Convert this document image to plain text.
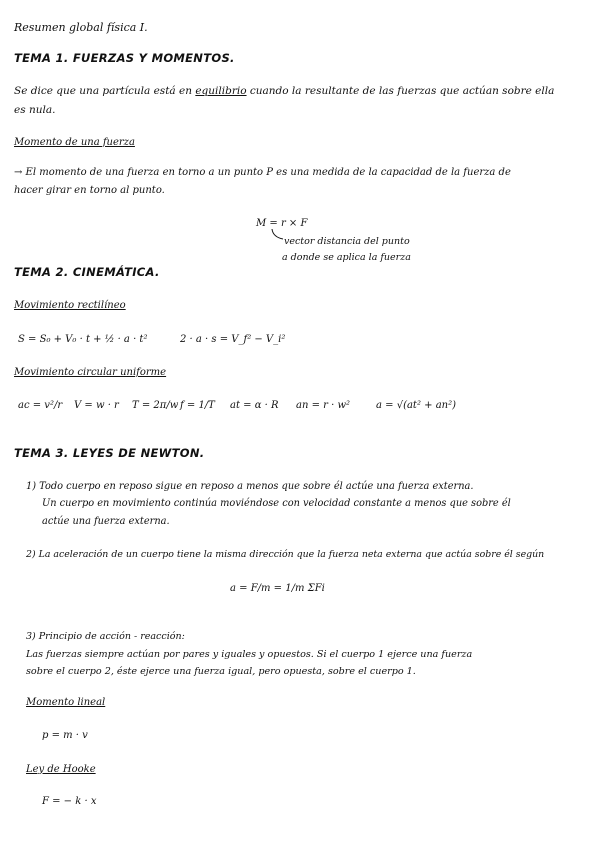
Resumen global física I.
TEMA 1. FUERZAS Y MOMENTOS.
Se dice que una partícula está en equilibrio cuando la resultante de las fuerzas que actúan sobre ella
es nula.
Momento de una fuerza
→ El momento de una fuerza en torno a un punto P es una medida de la capacidad de la fuerza de
hacer girar en torno al punto.
M = r × F
vector distancia del punto
a donde se aplica la fuerza
TEMA 2. CINEMÁTICA.
Movimiento rectilíneo
S = S₀ + V₀ · t + ½ · a · t²	2 · a · s = V_f² − V_i²
Movimiento circular uniforme
ac = v²/r V = w · r T = 2π/w f = 1/T at = α · R an = r · w²	a = √(at² + an²)
TEMA 3. LEYES DE NEWTON.
1) Todo cuerpo en reposo sigue en reposo a menos que sobre él actúe una fuerza externa.
Un cuerpo en movimiento continúa moviéndose con velocidad constante a menos que sobre él
actúe una fuerza externa.
2) La aceleración de un cuerpo tiene la misma dirección que la fuerza neta externa que actúa sobre él según
a = F/m = 1/m ΣFi
3) Principio de acción - reacción:
Las fuerzas siempre actúan por pares y iguales y opuestos. Si el cuerpo 1 ejerce una fuerza
sobre el cuerpo 2, éste ejerce una fuerza igual, pero opuesta, sobre el cuerpo 1.
Momento lineal
p = m · v
Ley de Hooke
F = − k · x
